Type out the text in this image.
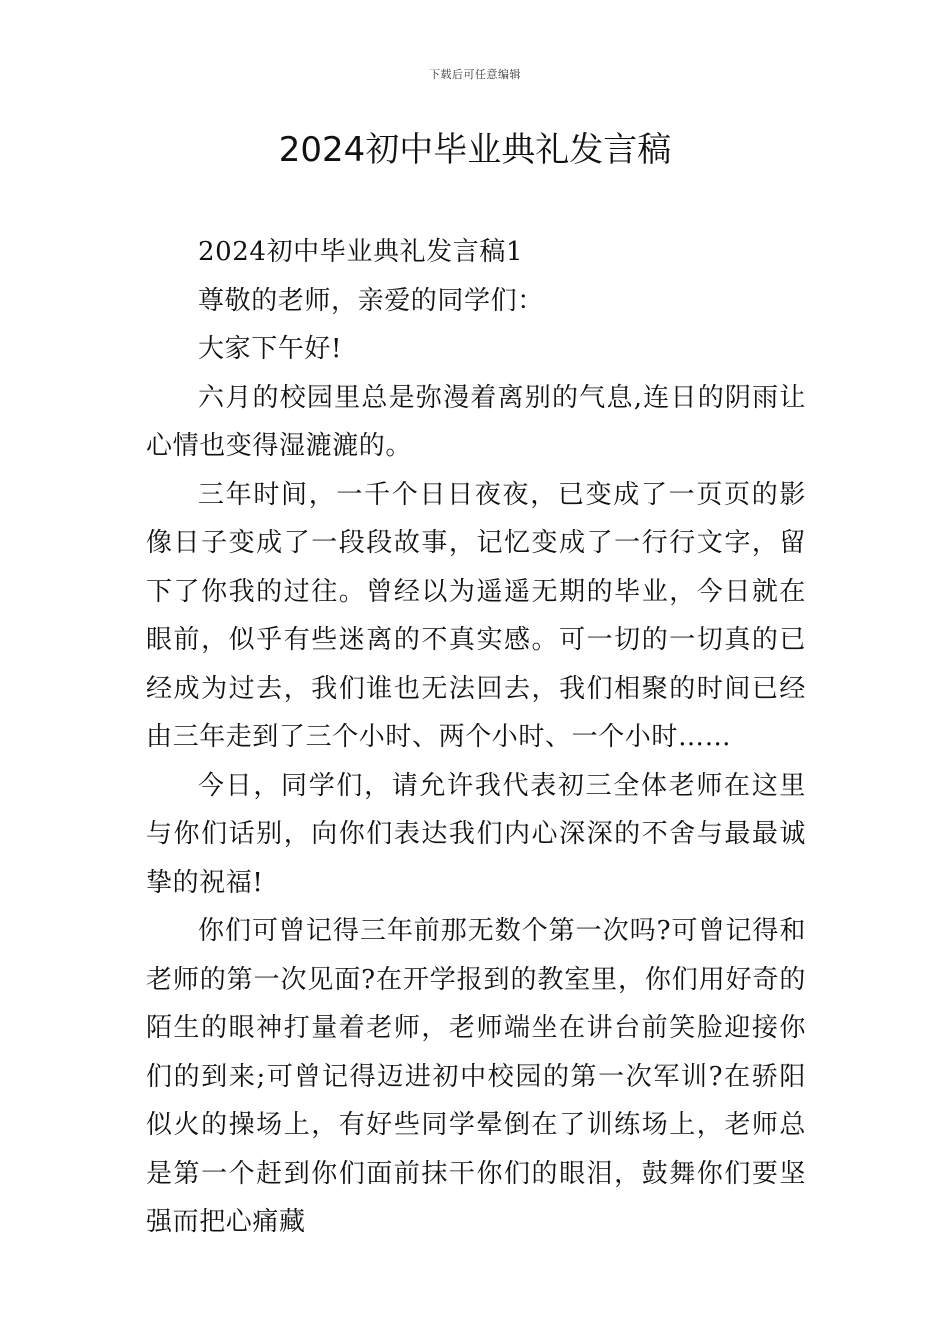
下载后可任意编辑
2024初中毕业典礼发言稿

2024初中毕业典礼发言稿1

尊敬的老师，亲爱的同学们：

大家下午好!

六月的校园里总是弥漫着离别的气息,连日的阴雨让心情也变得湿漉漉的。

三年时间，一千个日日夜夜，已变成了一页页的影像日子变成了一段段故事，记忆变成了一行行文字，留下了你我的过往。曾经以为遥遥无期的毕业，今日就在眼前，似乎有些迷离的不真实感。可一切的一切真的已经成为过去，我们谁也无法回去，我们相聚的时间已经由三年走到了三个小时、两个小时、一个小时……

今日，同学们，请允许我代表初三全体老师在这里与你们话别，向你们表达我们内心深深的不舍与最最诚挚的祝福!

你们可曾记得三年前那无数个第一次吗?可曾记得和老师的第一次见面?在开学报到的教室里，你们用好奇的陌生的眼神打量着老师，老师端坐在讲台前笑脸迎接你们的到来;可曾记得迈进初中校园的第一次军训?在骄阳似火的操场上，有好些同学晕倒在了训练场上，老师总是第一个赶到你们面前抹干你们的眼泪，鼓舞你们要坚强而把心痛藏
